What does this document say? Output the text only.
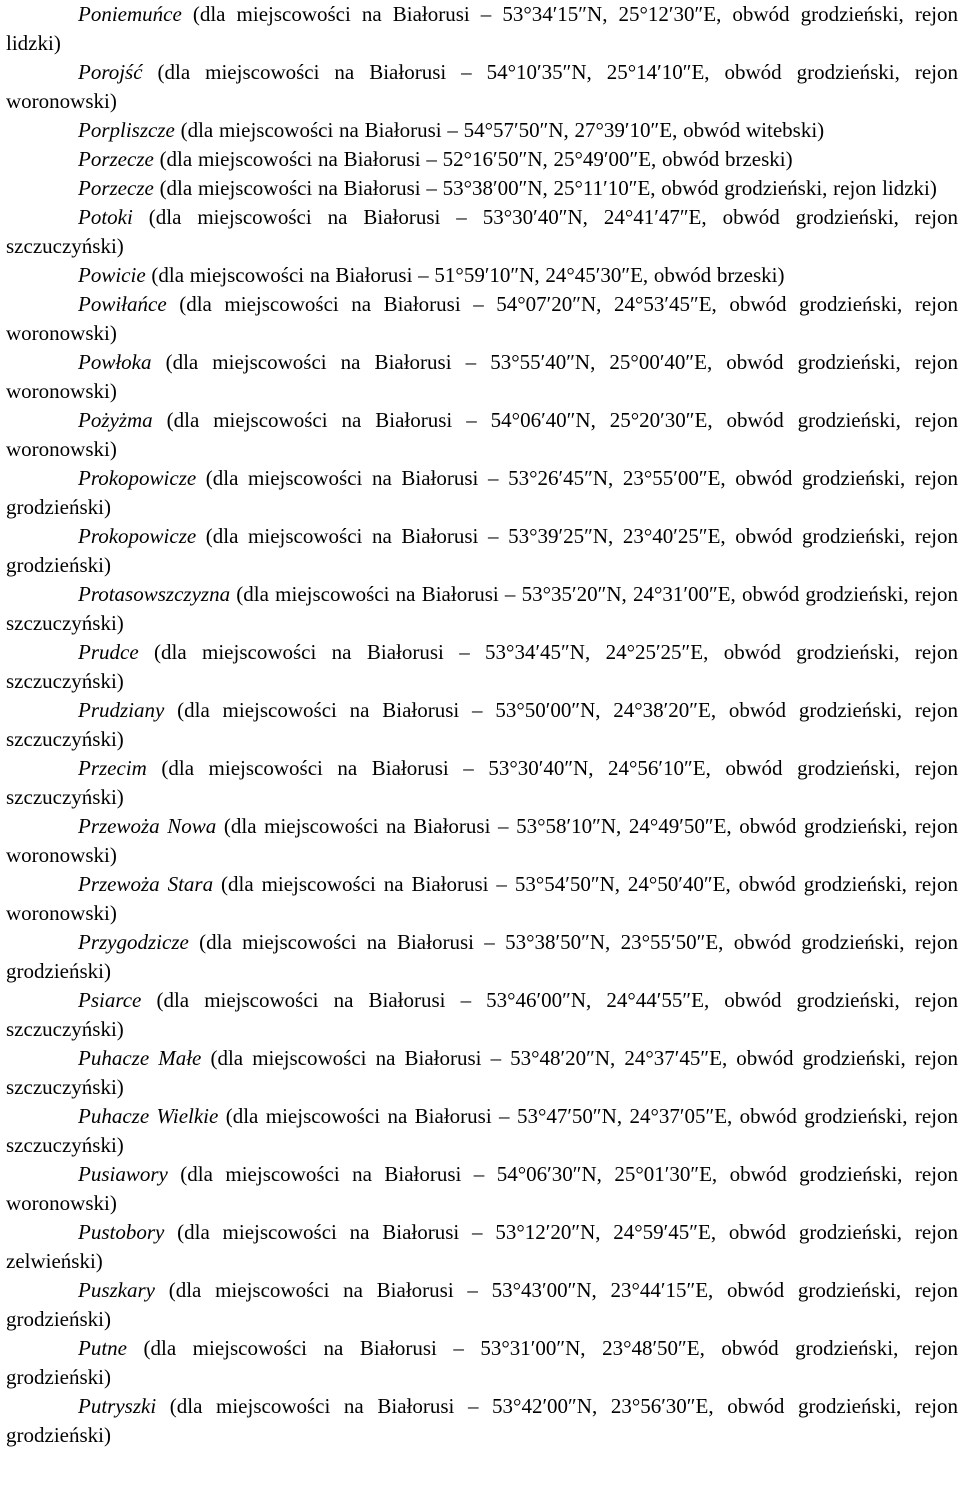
Poniemuńce (dla miejscowości na Białorusi – 53°34′15″N, 25°12′30″E, obwód grodzieński, rejon lidzki)

Porojść (dla miejscowości na Białorusi – 54°10′35″N, 25°14′10″E, obwód grodzieński, rejon woronowski)

Porpliszcze (dla miejscowości na Białorusi – 54°57′50″N, 27°39′10″E, obwód witebski)

Porzecze (dla miejscowości na Białorusi – 52°16′50″N, 25°49′00″E, obwód brzeski)

Porzecze (dla miejscowości na Białorusi – 53°38′00″N, 25°11′10″E, obwód grodzieński, rejon lidzki)

Potoki (dla miejscowości na Białorusi – 53°30′40″N, 24°41′47″E, obwód grodzieński, rejon szczuczyński)

Powicie (dla miejscowości na Białorusi – 51°59′10″N, 24°45′30″E, obwód brzeski)

Powiłańce (dla miejscowości na Białorusi – 54°07′20″N, 24°53′45″E, obwód grodzieński, rejon woronowski)

Powłoka (dla miejscowości na Białorusi – 53°55′40″N, 25°00′40″E, obwód grodzieński, rejon woronowski)

Pożyżma (dla miejscowości na Białorusi – 54°06′40″N, 25°20′30″E, obwód grodzieński, rejon woronowski)

Prokopowicze (dla miejscowości na Białorusi – 53°26′45″N, 23°55′00″E, obwód grodzieński, rejon grodzieński)

Prokopowicze (dla miejscowości na Białorusi – 53°39′25″N, 23°40′25″E, obwód grodzieński, rejon grodzieński)

Protasowszczyzna (dla miejscowości na Białorusi – 53°35′20″N, 24°31′00″E, obwód grodzieński, rejon szczuczyński)

Prudce (dla miejscowości na Białorusi – 53°34′45″N, 24°25′25″E, obwód grodzieński, rejon szczuczyński)

Prudziany (dla miejscowości na Białorusi – 53°50′00″N, 24°38′20″E, obwód grodzieński, rejon szczuczyński)

Przecim (dla miejscowości na Białorusi – 53°30′40″N, 24°56′10″E, obwód grodzieński, rejon szczuczyński)

Przewoża Nowa (dla miejscowości na Białorusi – 53°58′10″N, 24°49′50″E, obwód grodzieński, rejon woronowski)

Przewoża Stara (dla miejscowości na Białorusi – 53°54′50″N, 24°50′40″E, obwód grodzieński, rejon woronowski)

Przygodzicze (dla miejscowości na Białorusi – 53°38′50″N, 23°55′50″E, obwód grodzieński, rejon grodzieński)

Psiarce (dla miejscowości na Białorusi – 53°46′00″N, 24°44′55″E, obwód grodzieński, rejon szczuczyński)

Puhacze Małe (dla miejscowości na Białorusi – 53°48′20″N, 24°37′45″E, obwód grodzieński, rejon szczuczyński)

Puhacze Wielkie (dla miejscowości na Białorusi – 53°47′50″N, 24°37′05″E, obwód grodzieński, rejon szczuczyński)

Pusiawory (dla miejscowości na Białorusi – 54°06′30″N, 25°01′30″E, obwód grodzieński, rejon woronowski)

Pustobory (dla miejscowości na Białorusi – 53°12′20″N, 24°59′45″E, obwód grodzieński, rejon zelwieński)

Puszkary (dla miejscowości na Białorusi – 53°43′00″N, 23°44′15″E, obwód grodzieński, rejon grodzieński)

Putne (dla miejscowości na Białorusi – 53°31′00″N, 23°48′50″E, obwód grodzieński, rejon grodzieński)

Putryszki (dla miejscowości na Białorusi – 53°42′00″N, 23°56′30″E, obwód grodzieński, rejon grodzieński)
